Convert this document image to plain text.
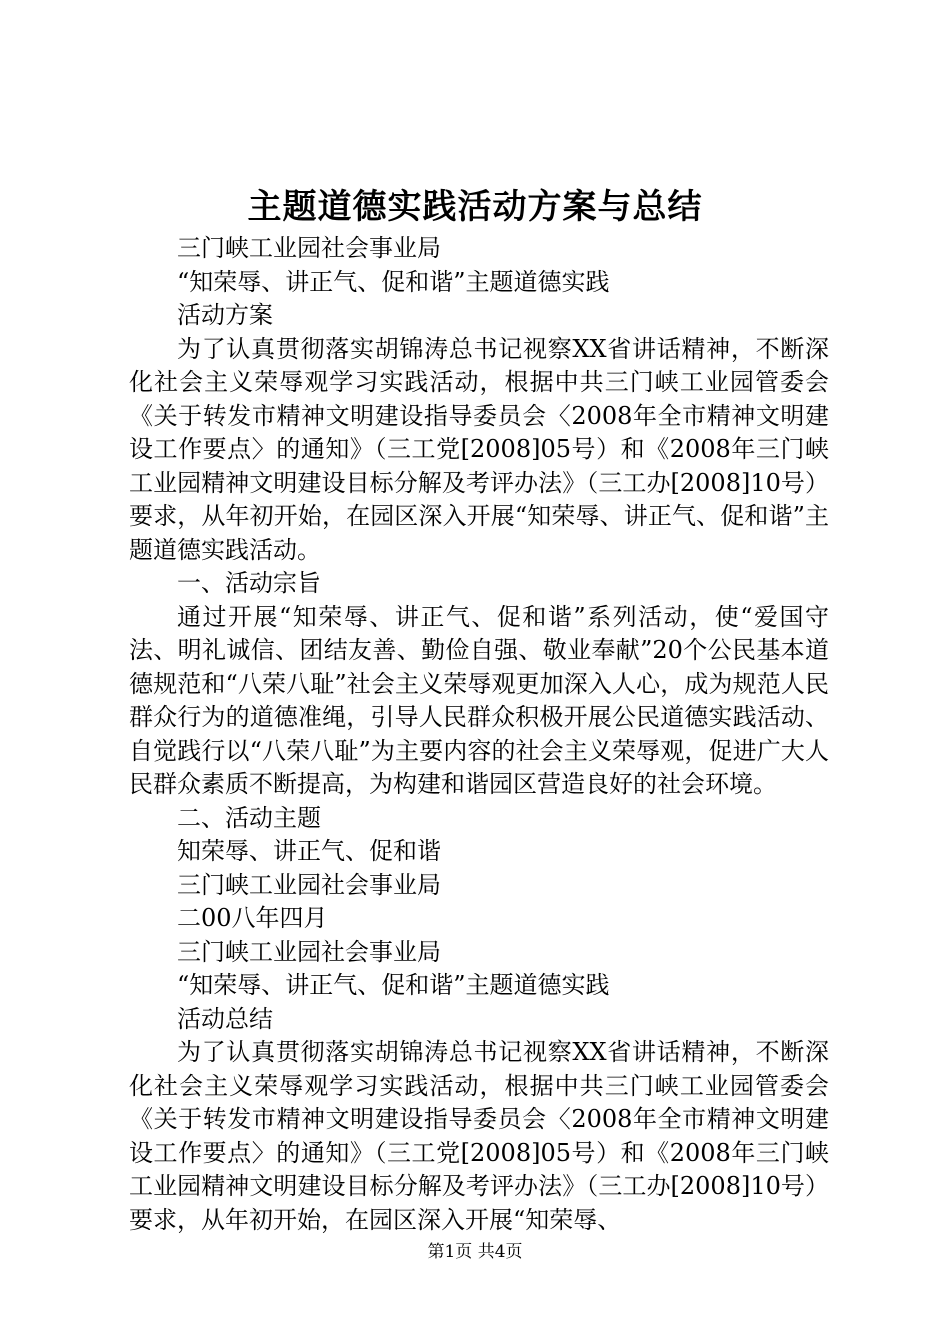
主题道德实践活动方案与总结

三门峡工业园社会事业局

“知荣辱、讲正气、促和谐”主题道德实践

活动方案

为了认真贯彻落实胡锦涛总书记视察XX省讲话精神，不断深化社会主义荣辱观学习实践活动，根据中共三门峡工业园管委会《关于转发市精神文明建设指导委员会〈2008年全市精神文明建设工作要点〉的通知》（三工党[2008]05号）和《2008年三门峡工业园精神文明建设目标分解及考评办法》（三工办[2008]10号）要求，从年初开始，在园区深入开展“知荣辱、讲正气、促和谐”主题道德实践活动。

一、活动宗旨

通过开展“知荣辱、讲正气、促和谐”系列活动，使“爱国守法、明礼诚信、团结友善、勤俭自强、敬业奉献”20个公民基本道德规范和“八荣八耻”社会主义荣辱观更加深入人心，成为规范人民群众行为的道德准绳，引导人民群众积极开展公民道德实践活动、自觉践行以“八荣八耻”为主要内容的社会主义荣辱观，促进广大人民群众素质不断提高，为构建和谐园区营造良好的社会环境。

二、活动主题

知荣辱、讲正气、促和谐

三门峡工业园社会事业局

二00八年四月

三门峡工业园社会事业局

“知荣辱、讲正气、促和谐”主题道德实践

活动总结

为了认真贯彻落实胡锦涛总书记视察XX省讲话精神，不断深化社会主义荣辱观学习实践活动，根据中共三门峡工业园管委会《关于转发市精神文明建设指导委员会〈2008年全市精神文明建设工作要点〉的通知》（三工党[2008]05号）和《2008年三门峡工业园精神文明建设目标分解及考评办法》（三工办[2008]10号）要求，从年初开始，在园区深入开展“知荣辱、

第1页 共4页
